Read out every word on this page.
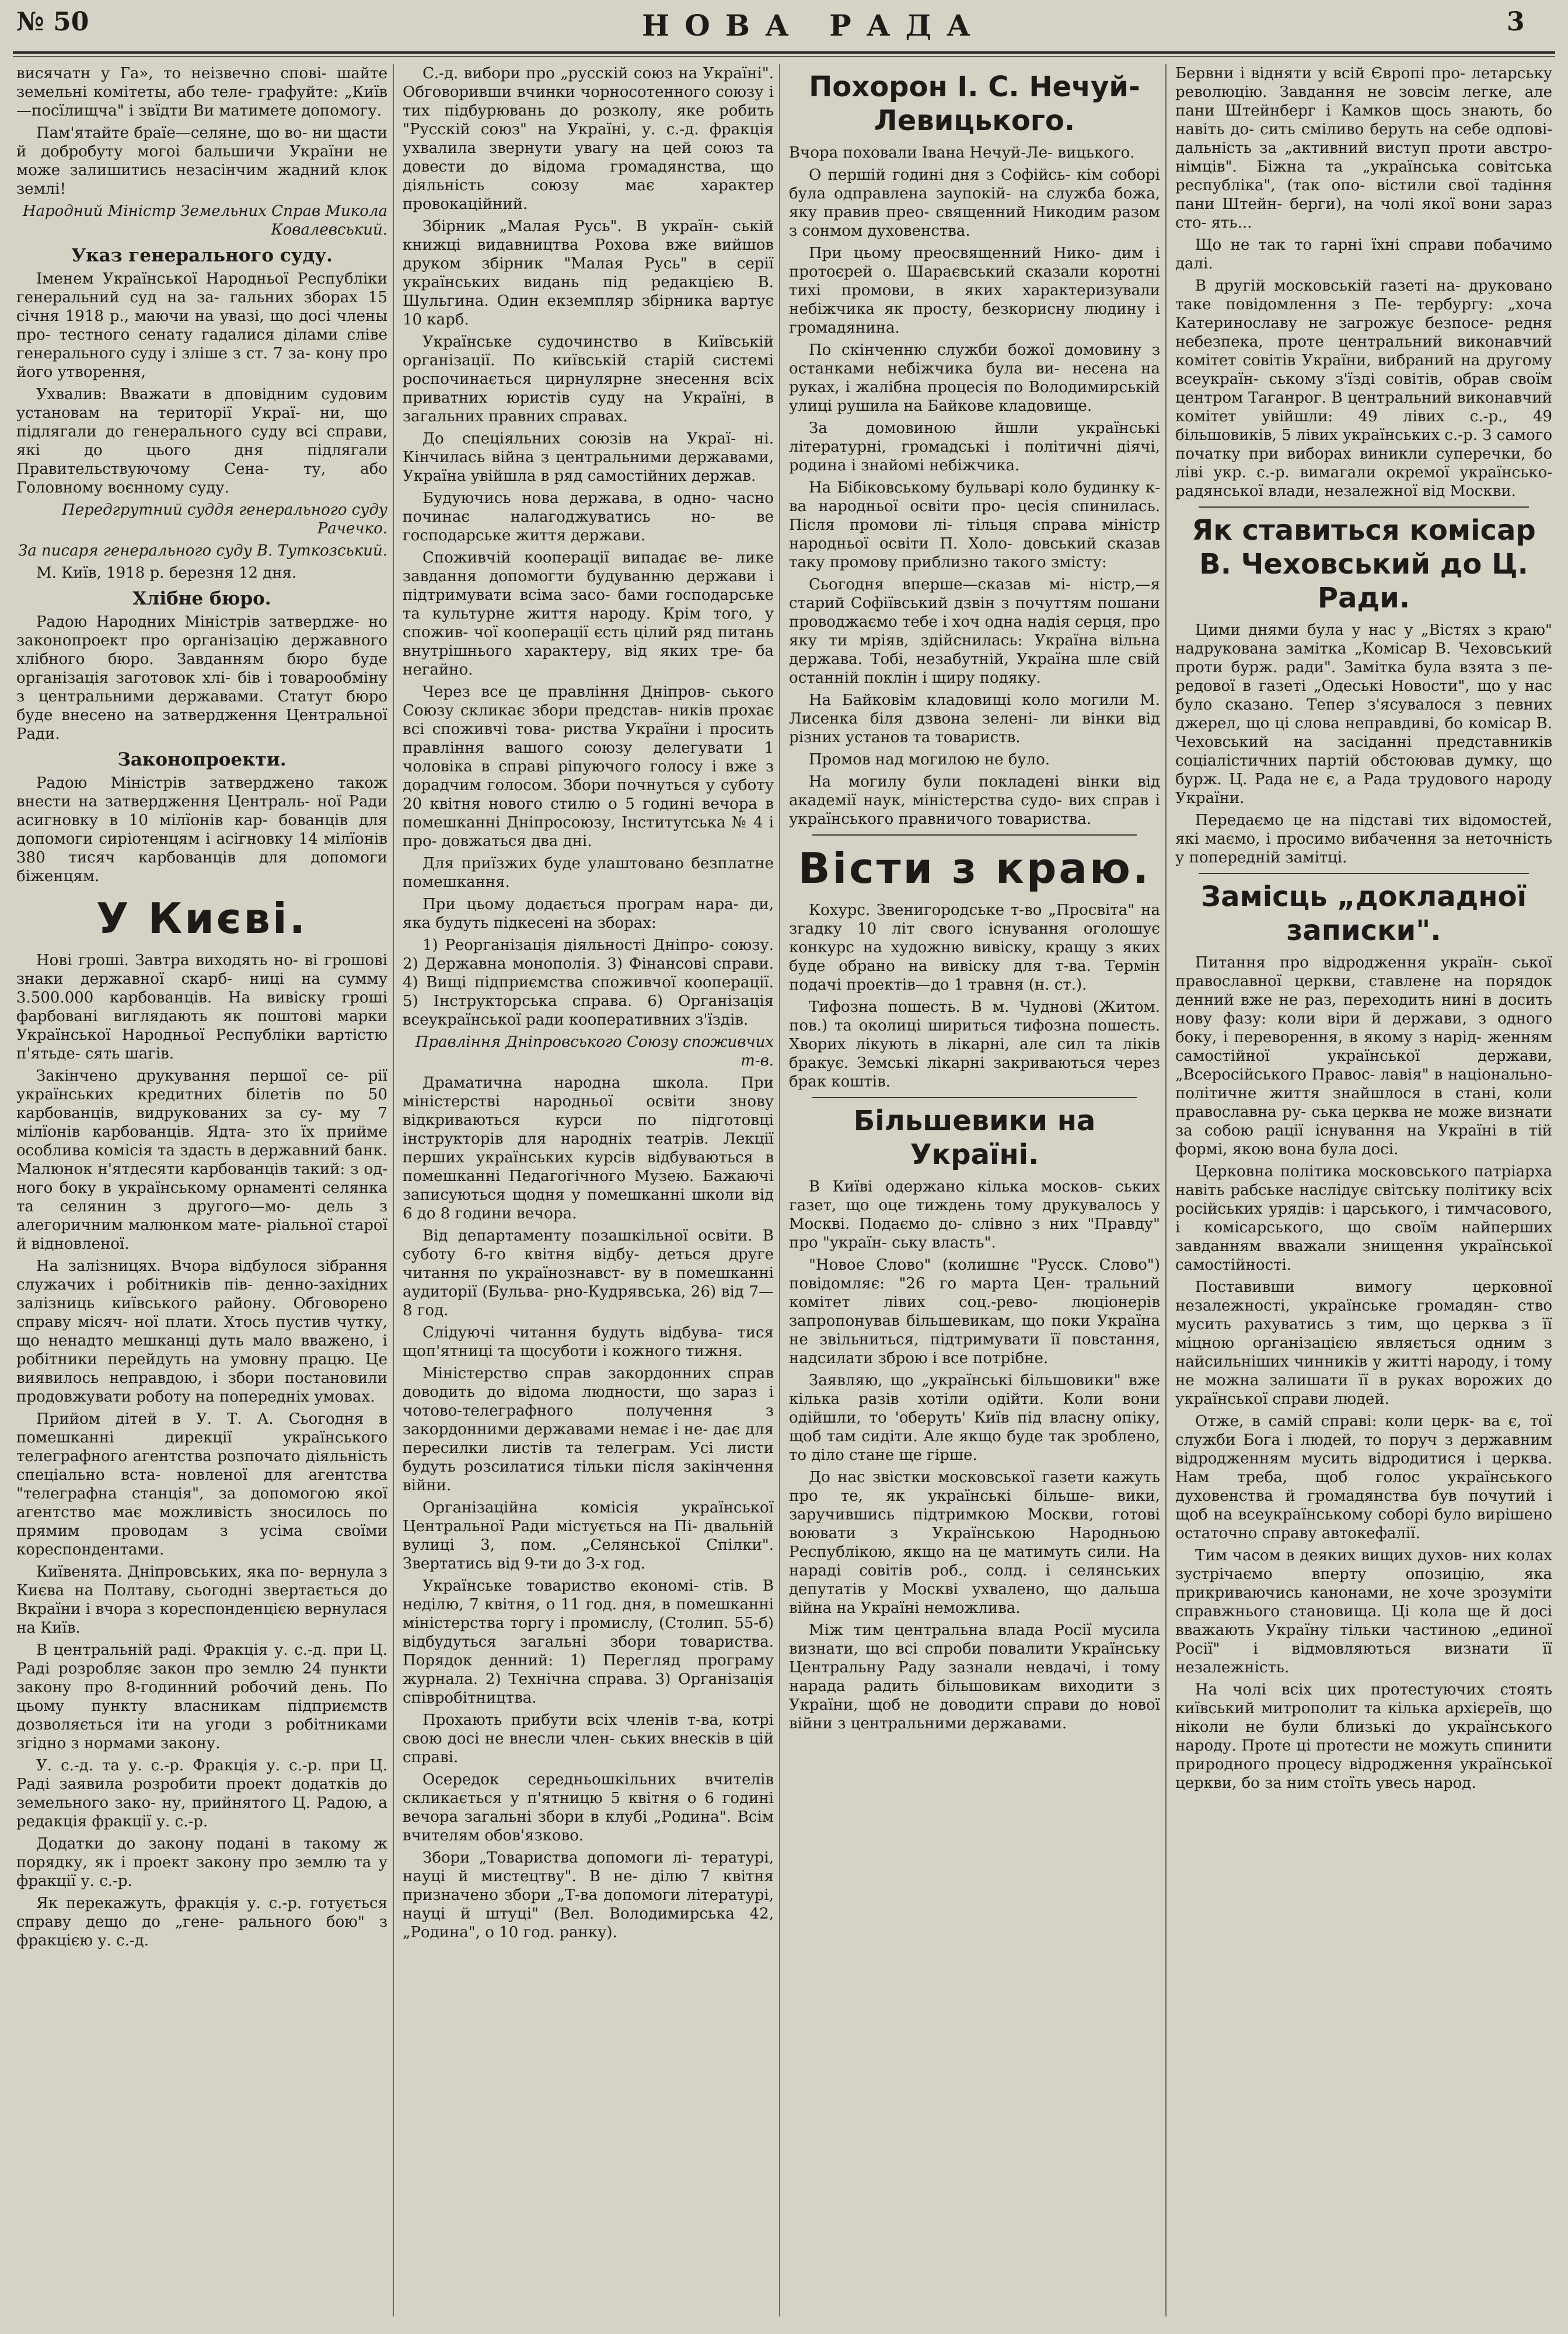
№ 50	НОВА РАДА	3

висячатн у Га», то неізвечно спові- шайте земельні комітеты, або теле- графуйте: „Київ—посїлищча" і звїдти Ви матимете допомогу.

Пам'ятайте браїе—селяне, що во- ни щасти й добробуту могоі бальшичи України не може залишитись незасінчим жадний клок землі!

Народний Міністр Земельних Справ Микола Ковалевський.

Указ генерального суду.

Іменем Української Народньої Республіки генеральний суд на за- гальних зборах 15 січня 1918 р., маючи на увазі, що досі члены про- тестного сенату гадалися ділами сліве генерального суду і зліше з ст. 7 за- кону про його утворення,

Ухвалив: Вважати в дповідним судовим установам на території Украї- ни, що підлягали до генерального суду всі справи, які до цього дня підлягали Правительствуючому Сена- ту, або Головному воєнному суду.

Передгрутний суддя генерального суду Рачечко.

За писаря генерального суду В. Туткозський.

М. Київ, 1918 р. березня 12 дня.

Хлібне бюро.

Радою Народних Міністрів затвердже- но законопроект про організацію державного хлібного бюро. Завданням бюро буде організація заготовок хлі- бів і товарообміну з центральними державами. Статут бюро буде внесено на затвердження Центральної Ради.

Законопроекти.

Радою Міністрів затверджено також внести на затвердження Централь- ної Ради асигновку в 10 мілїонів кар- бованців для допомоги сиріотенцям і асігновку 14 мілїонів 380 тисяч карбованців для допомоги біженцям.

У Києві.

Нові гроші. Завтра виходять но- ві грошові знаки державної скарб- ниці на сумму 3.500.000 карбованців. На вивіску гроші фарбовані виглядають як поштові марки Української Народньої Республіки вартістю п'ятьде- сять шагів.

Закінчено друкування першої се- рії українських кредитних білетів по 50 карбованців, видрукованих за су- му 7 мілїонів карбованців. Ядта- зто їх прийме особлива комісія та здасть в державний банк. Малюнок н'ятдесяти карбованців такий: з од- ного боку в українському орнаменті селянка та селянин з другого—мо- дель з алегоричним малюнком мате- ріальної старої й відновленої.

На залізницях. Вчора відбулося зібрання служачих і робітників пів- денно-західних залізниць київського району. Обговорено справу місяч- ної плати. Хтось пустив чутку, що ненадто мешканці дуть мало вважено, і робітники перейдуть на умовну працю. Це виявилось неправдою, і збори постановили продовжувати роботу на попередніх умовах.

Прийом дітей в У. Т. А. Сьогодня в помешканні дирекції українського телеграфного агентства розпочато діяльність спеціально вста- новленої для агентства "телеграфна станція", за допомогою якої агентство має можливість зносилось по прямим проводам з усіма своїми кореспондентами.

Київенята. Дніпровських, яка по- вернула з Києва на Полтаву, сьогодні звертається до Вкраїни і вчора з кореспонденцією вернулася на Київ.

В центральній раді. Фракція у. с.-д. при Ц. Раді розробляє закон про землю 24 пункти закону про 8-годинний робочий день. По цьому пункту власникам підприємств дозволяється іти на угоди з робітниками згідно з нормами закону.

У. с.-д. та у. с.-р. Фракція у. с.-р. при Ц. Раді заявила розробити проект додатків до земельного зако- ну, прийнятого Ц. Радою, а редакція фракції у. с.-р.

Додатки до закону подані в такому ж порядку, як і проект закону про землю та у фракції у. с.-р.

Як перекажуть, фракція у. с.-р. готується справу дещо до „гене- рального бою" з фракцією у. с.-д.

С.-д. вибори про „русскій союз на Україні". Обговоривши вчинки чорносотенного союзу і тих підбурювань до розколу, яке робить "Русскій союз" на Україні, у. с.-д. фракція ухвалила звернути увагу на цей союз та довести до відома громадянства, що діяльність союзу має характер провокаційний.

Збірник „Малая Русь". В україн- ській книжці видавництва Рохова вже вийшов друком збірник "Малая Русь" в серії українських видань під редакцією В. Шульгина. Один екземпляр збірника вартує 10 карб.

Українське судочинство в Київській організації. По київській старій системі роспочинається цирнулярне знесення всіх приватних юристів суду на Україні, в загальних правних справах.

До спеціяльних союзів на Украї- ні. Кінчилась війна з центральними державами, Україна увійшла в ряд самостійних держав.

Будуючись нова держава, в одно- часно починає налагоджуватись но- ве господарське життя держави.

Споживчій кооперації випадає ве- лике завдання допомогти будуванню держави і підтримувати всіма засо- бами господарське та культурне життя народу. Крім того, у спожив- чої кооперації єсть цілий ряд питань внутрішнього характеру, від яких тре- ба негайно.

Через все це правління Дніпров- ського Союзу скликає збори представ- ників прохає всі споживчі това- риства України і просить правління вашого союзу делегувати 1 чоловіка в справі ріпуючого голосу і вже з дорадчим голосом. Збори почнуться у суботу 20 квітня нового стилю о 5 годині вечора в помешканні Дніпросоюзу, Інститутська № 4 і про- довжаться два дні.

Для приїзжих буде улаштовано безплатне помешкання.

При цьому додається програм нара- ди, яка будуть підкесені на зборах:

1) Реорганізація діяльності Дніпро- союзу. 2) Державна монополія. 3) Фінансові справи. 4) Вищі підприємства споживчої кооперації. 5) Інструкторська справа. 6) Організація всеукраїнської ради кооперативних з'їздів.

Правління Дніпровського Союзу споживчих т-в.

Драматична народна школа. При міністерстві народньої освіти знову відкриваються курси по підготовці інструкторів для народніх театрів. Лекції перших українських курсів відбуваються в помешканні Педагогічного Музею. Бажаючі записуються щодня у помешканні школи від 6 до 8 години вечора.

Від департаменту позашкільної освіти. В суботу 6-го квітня відбу- деться друге читання по українознавст- ву в помешканні аудиторії (Бульва- рно-Кудрявська, 26) від 7—8 год.

Слідуючі читання будуть відбува- тися щоп'ятниці та щосуботи і кожного тижня.

Міністерство справ закордонних справ доводить до відома людности, що зараз і чотово-телеграфного получення з закордонними державами немає і не- дає для пересилки листів та телеграм. Усі листи будуть розсилатися тільки після закінчення війни.

Організаційна комісія української Центральної Ради містується на Пі- двальній вулиці 3, пом. „Селянської Спілки". Звертатись від 9-ти до 3-х год.

Українське товариство економі- стів. В неділю, 7 квітня, о 11 год. дня, в помешканні міністерства торгу і промислу, (Столип. 55-б) відбудуться загальні збори товариства. Порядок денний: 1) Перегляд програму журнала. 2) Технічна справа. 3) Організація співробітництва.

Прохають прибути всіх членів т-ва, котрі свою досі не внесли член- ських внесків в цій справі.

Осередок середньошкільних вчителів скликається у п'ятницю 5 квітня о 6 годині вечора загальні збори в клубі „Родина". Всім вчителям обов'язково.

Збори „Товариства допомоги лі- тературі, науці й мистецтву". В не- ділю 7 квітня призначено збори „Т-ва допомоги літературі, науці й штуці" (Вел. Володимирська 42, „Родина", о 10 год. ранку).

Похорон І. С. Нечуй-Левицького.

Вчора поховали Івана Нечуй-Ле- вицького.

О першій годині дня з Софійсь- кім соборі була одправлена заупокій- на служба божа, яку правив прео- священний Никодим разом з сонмом духовенства.

При цьому преосвященний Нико- дим і протоєрей о. Шараєвський сказали коротні тихі промови, в яких характеризували небіжчика як просту, безкорисну людину і громадянина.

По скінченню служби божої домовину з останками небіжчика була ви- несена на руках, і жалібна процесія по Володимирській улиці рушила на Байкове кладовище.

За домовиною йшли українські літературні, громадські і політичні діячі, родина і знайомі небіжчика.

На Бібіковському бульварі коло будинку к-ва народньої освіти про- цесія спинилась. Після промови лі- тільця справа міністр народньої освіти П. Холо- довський сказав таку промову приблизно такого змісту:

Сьогодня вперше—сказав мі- ністр,—я старий Софіївський дзвін з почуттям пошани проводжаємо тебе і хоч одна надія серця, про яку ти мріяв, здійснилась: Україна вільна держава. Тобі, незабутній, Україна шле свій останній поклін і щиру подяку.

На Байковім кладовищі коло могили М. Лисенка біля дзвона зелені- ли вінки від різних установ та товариств.

Промов над могилою не було.

На могилу були покладені вінки від академії наук, міністерства судо- вих справ і українського правничого товариства.

Вісти з краю.

Кохурс. Звенигородське т-во „Просвіта" на згадку 10 літ свого існування оголошує конкурс на художню вивіску, кращу з яких буде обрано на вивіску для т-ва. Термін подачі проектів—до 1 травня (н. ст.).

Тифозна пошесть. В м. Чуднові (Житом. пов.) та околиці шириться тифозна пошесть. Хворих лікують в лікарні, але сил та ліків бракує. Земські лікарні закриваються через брак коштів.

Більшевики на Україні.

В Київі одержано кілька москов- ських газет, що оце тиждень тому друкувалось у Москві. Подаємо до- слівно з них "Правду" про "україн- ську власть".

"Новое Слово" (колишнє "Русск. Слово") повідомляє: "26 го марта Цен- тральний комітет лівих соц.-рево- люціонерів запропонував більшевикам, що поки Україна не звільниться, підтримувати її повстання, надсилати зброю і все потрібне.

Заявляю, що „українські більшовики" вже кілька разів хотіли одійти. Коли вони одійшли, то 'оберуть' Київ під власну опіку, щоб там сидіти. Але якщо буде так зроблено, то діло стане ще гірше.

До нас звістки московської газети кажуть про те, як українські більше- вики, заручившись підтримкою Москви, готові воювати з Українською Народньою Республікою, якщо на це матимуть сили. На нараді совітів роб., солд. і селянських депутатів у Москві ухвалено, що дальша війна на Україні неможлива.

Між тим центральна влада Росії мусила визнати, що всі спроби повалити Українську Центральну Раду зазнали невдачі, і тому нарада радить більшовикам виходити з України, щоб не доводити справи до нової війни з центральними державами.

Бервни і відняти у всій Європі про- летарську революцію. Завдання не зовсім легке, але пани Штейнберг і Камков щось знають, бо навіть до- сить сміливо беруть на себе одпові- дальність за „активний виступ проти австро-німців". Біжна та „українська совітська республіка", (так опо- вістили свої тадіння пани Штейн- берги), на чолі якої вони зараз сто- ять...

Що не так то гарні їхні справи побачимо далі.

В другій московській газеті на- друковано таке повідомлення з Пе- тербургу: „хоча Катеринославу не загрожує безпосе- редня небезпека, проте центральний виконавчий комітет совітів України, вибраний на другому всеукраїн- ському з'їзді совітів, обрав своїм центром Таганрог. В центральний виконавчий комітет увійшли: 49 лівих с.-р., 49 більшовиків, 5 лівих українських с.-р. З самого початку при виборах виникли суперечки, бо ліві укр. с.-р. вимагали окремої українсько-радянської влади, незалежної від Москви.

Як ставиться комісар В. Чеховський до Ц. Ради.

Цими днями була у нас у „Вістях з краю" надрукована замітка „Комісар В. Чеховський проти бурж. ради". Замітка була взята з пе- редової в газеті „Одеські Новости", що у нас було сказано. Тепер з'ясувалося з певних джерел, що ці слова неправдиві, бо комісар В. Чеховський на засіданні представників соціалістичних партій обстоював думку, що бурж. Ц. Рада не є, а Рада трудового народу України.

Передаємо це на підставі тих відомостей, які маємо, і просимо вибачення за неточність у попередній замітці.

Замісць „докладної записки".

Питання про відродження україн- ської православної церкви, ставлене на порядок денний вже не раз, переходить нині в досить нову фазу: коли віри й держави, з одного боку, і переворення, в якому з нарід- женням самостійної української держави, „Всеросійського Правос- лавія" в національно-політичне життя знайшлося в стані, коли православна ру- ська церква не може визнати за собою рації існування на Україні в тій формі, якою вона була досі.

Церковна політика московського патріарха навіть рабське наслідує світську політику всіх російських урядів: і царського, і тимчасового, і комісарського, що своїм найперших завданням вважали знищення української самостійності.

Поставивши вимогу церковної незалежності, українське громадян- ство мусить рахуватись з тим, що церква з її міцною організацією являється одним з найсильніших чинників у житті народу, і тому не можна залишати її в руках ворожих до української справи людей.

Отже, в самій справі: коли церк- ва є, тої служби Бога і людей, то поруч з державним відродженням мусить відродитися і церква. Нам треба, щоб голос українського духовенства й громадянства був почутий і щоб на всеукраїнському соборі було вирішено остаточно справу автокефалії.

Тим часом в деяких вищих духов- них колах зустрічаємо вперту опозицію, яка прикриваючись канонами, не хоче зрозуміти справжнього становища. Ці кола ще й досі вважають Україну тільки частиною „единої Росії" і відмовляються визнати її незалежність.

На чолі всіх цих протестуючих стоять київський митрополит та кілька архієреїв, що ніколи не були близькі до українського народу. Проте ці протести не можуть спинити природного процесу відродження української церкви, бо за ним стоїть увесь народ.
